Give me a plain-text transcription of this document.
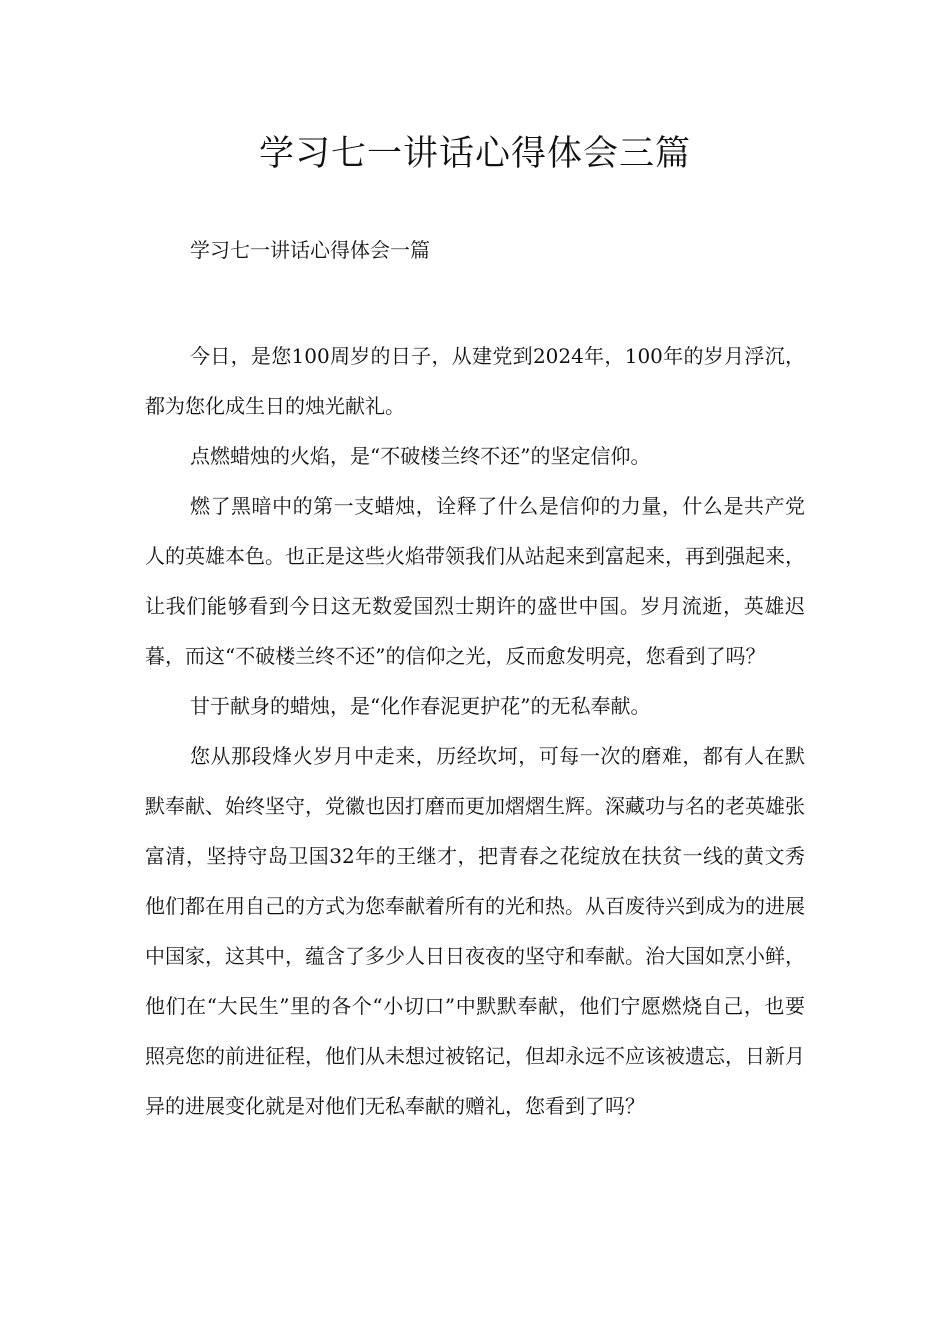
学习七一讲话心得体会三篇
学习七一讲话心得体会一篇

今日，是您100周岁的日子，从建党到2024年，100年的岁月浮沉，都为您化成生日的烛光献礼。

点燃蜡烛的火焰，是“不破楼兰终不还”的坚定信仰。

燃了黑暗中的第一支蜡烛，诠释了什么是信仰的力量，什么是共产党人的英雄本色。也正是这些火焰带领我们从站起来到富起来，再到强起来，让我们能够看到今日这无数爱国烈士期许的盛世中国。岁月流逝，英雄迟暮，而这“不破楼兰终不还”的信仰之光，反而愈发明亮，您看到了吗？

甘于献身的蜡烛，是“化作春泥更护花”的无私奉献。

您从那段烽火岁月中走来，历经坎坷，可每一次的磨难，都有人在默默奉献、始终坚守，党徽也因打磨而更加熠熠生辉。深藏功与名的老英雄张富清，坚持守岛卫国32年的王继才，把青春之花绽放在扶贫一线的黄文秀他们都在用自己的方式为您奉献着所有的光和热。从百废待兴到成为的进展中国家，这其中，蕴含了多少人日日夜夜的坚守和奉献。治大国如烹小鲜，他们在“大民生”里的各个“小切口”中默默奉献，他们宁愿燃烧自己，也要照亮您的前进征程，他们从未想过被铭记，但却永远不应该被遗忘，日新月异的进展变化就是对他们无私奉献的赠礼，您看到了吗？
